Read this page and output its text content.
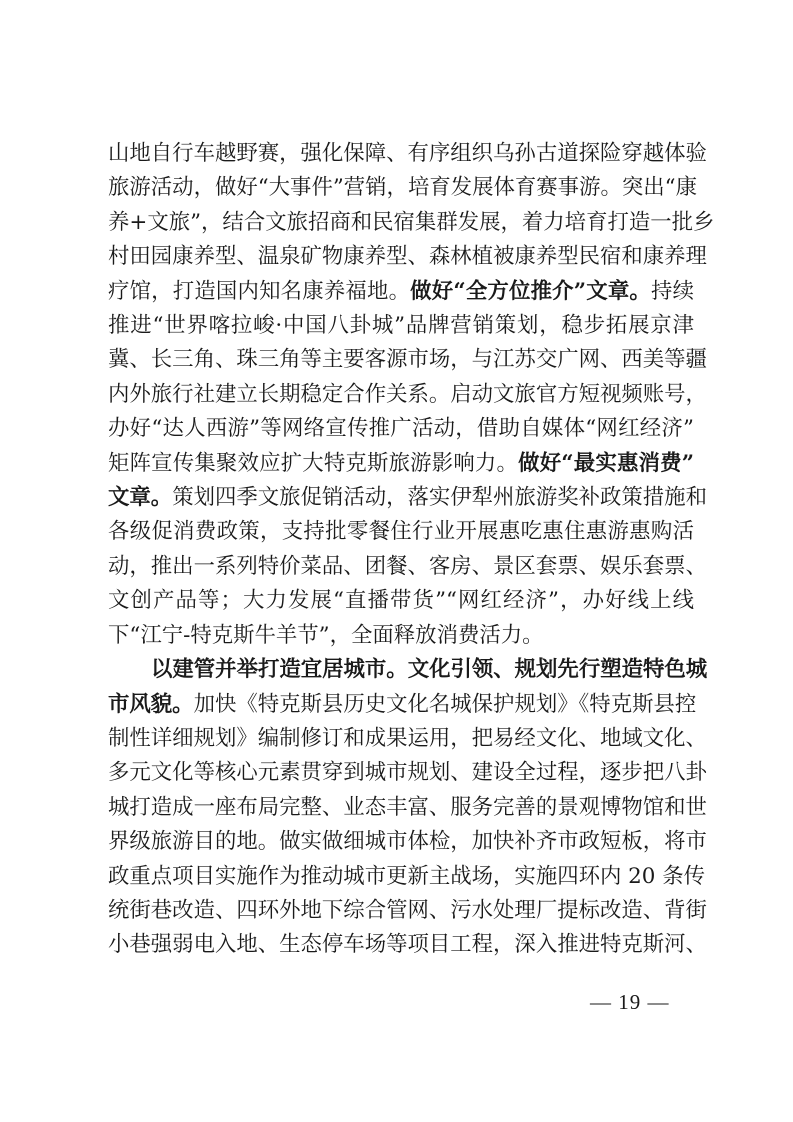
山地自行车越野赛，强化保障、有序组织乌孙古道探险穿越体验
旅游活动，做好“大事件”营销，培育发展体育赛事游。突出“康
养+文旅”，结合文旅招商和民宿集群发展，着力培育打造一批乡
村田园康养型、温泉矿物康养型、森林植被康养型民宿和康养理
疗馆，打造国内知名康养福地。做好“全方位推介”文章。持续
推进“世界喀拉峻·中国八卦城”品牌营销策划，稳步拓展京津
冀、长三角、珠三角等主要客源市场，与江苏交广网、西美等疆
内外旅行社建立长期稳定合作关系。启动文旅官方短视频账号，
办好“达人西游”等网络宣传推广活动，借助自媒体“网红经济”
矩阵宣传集聚效应扩大特克斯旅游影响力。做好“最实惠消费”
文章。策划四季文旅促销活动，落实伊犁州旅游奖补政策措施和
各级促消费政策，支持批零餐住行业开展惠吃惠住惠游惠购活
动，推出一系列特价菜品、团餐、客房、景区套票、娱乐套票、
文创产品等；大力发展“直播带货”“网红经济”，办好线上线
下“江宁-特克斯牛羊节”，全面释放消费活力。
以建管并举打造宜居城市。文化引领、规划先行塑造特色城
市风貌。加快《特克斯县历史文化名城保护规划》《特克斯县控
制性详细规划》编制修订和成果运用，把易经文化、地域文化、
多元文化等核心元素贯穿到城市规划、建设全过程，逐步把八卦
城打造成一座布局完整、业态丰富、服务完善的景观博物馆和世
界级旅游目的地。做实做细城市体检，加快补齐市政短板，将市
政重点项目实施作为推动城市更新主战场，实施四环内 20 条传
统街巷改造、四环外地下综合管网、污水处理厂提标改造、背街
小巷强弱电入地、生态停车场等项目工程，深入推进特克斯河、
— 19 —
